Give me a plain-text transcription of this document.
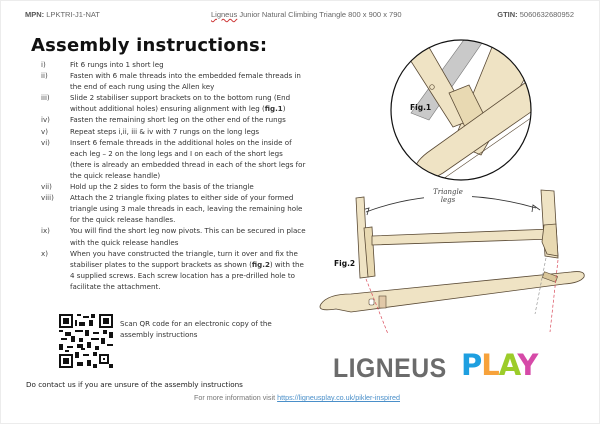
MPN: LPKTRI-J1-NAT	Ligneus Junior Natural Climbing Triangle 800 x 900 x 790	GTIN: 5060632680952
Assembly instructions:
i)	Fit 6 rungs into 1 short leg
ii)	Fasten with 6 male threads into the embedded female threads in the end of each rung using the Allen key
iii)	Slide 2 stabiliser support brackets on to the bottom rung (End without additional holes) ensuring alignment with leg (fig.1)
iv)	Fasten the remaining short leg on the other end of the rungs
v)	Repeat steps i,ii, iii & iv with 7 rungs on the long legs
vi)	Insert 6 female threads in the additional holes on the inside of each leg – 2 on the long legs and I on each of the short legs (there is already an embedded thread in each of the short legs for the quick release handle)
vii)	Hold up the 2 sides to form the basis of the triangle
viii) Attach the 2 triangle fixing plates to either side of your formed triangle using 3 male threads in each, leaving the remaining hole for the quick release handles.
ix)	You will find the short leg now pivots. This can be secured in place with the quick release handles
x)	When you have constructed the triangle, turn it over and fix the stabiliser plates to the support brackets as shown (fig.2) with the 4 supplied screws. Each screw location has a pre-drilled hole to facilitate the attachment.
Scan QR code for an electronic copy of the assembly instructions
Do contact us if you are unsure of the assembly instructions
For more information visit https://ligneusplay.co.uk/pikler-inspired
Fig.1
Triangle
legs
Fig.2
LIGNEUS PLAY
